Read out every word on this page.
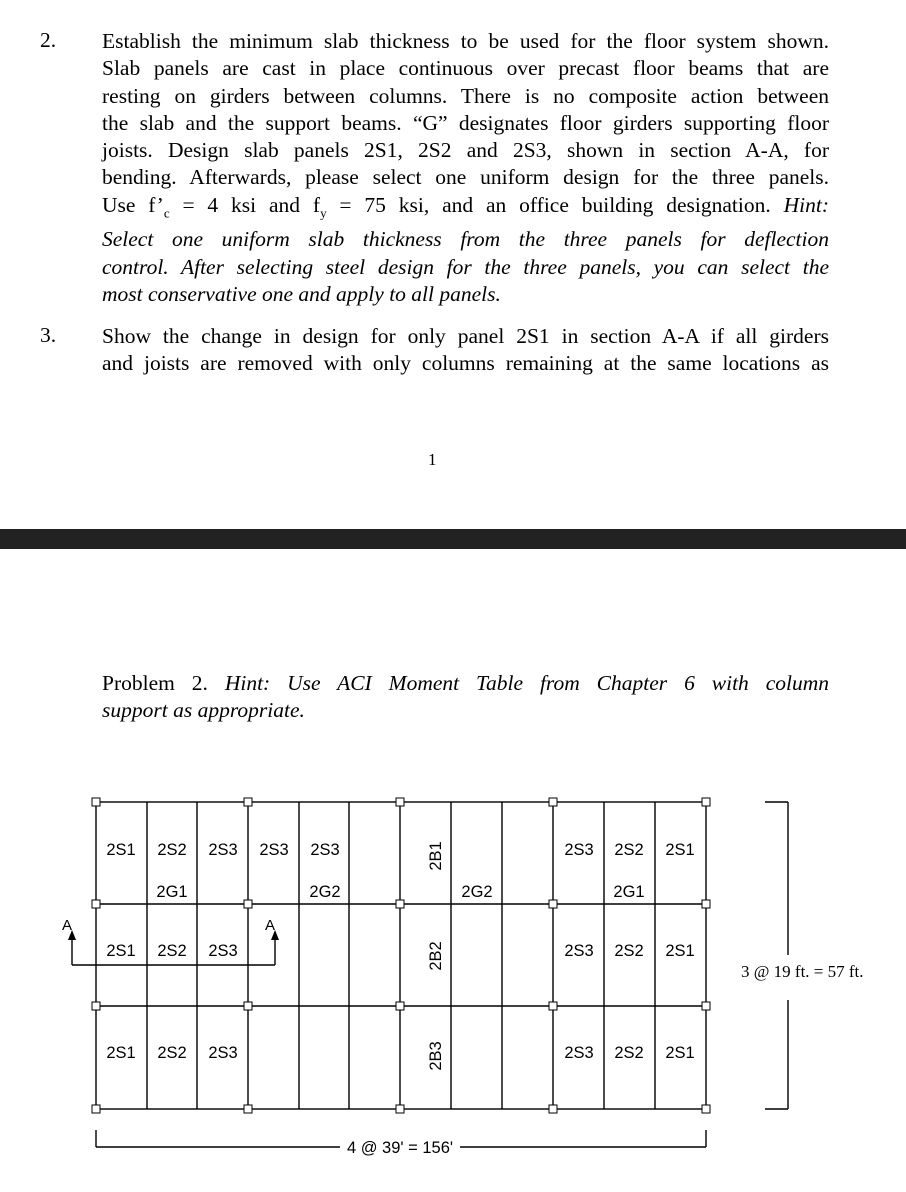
2. Establish the minimum slab thickness to be used for the floor system shown.
Slab panels are cast in place continuous over precast floor beams that are
resting on girders between columns. There is no composite action between
the slab and the support beams. “G” designates floor girders supporting floor
joists. Design slab panels 2S1, 2S2 and 2S3, shown in section A-A, for
bending. Afterwards, please select one uniform design for the three panels.
Use $f’_c = 4$ ksi and $f_y = 75$ ksi, and an office building designation. Hint:
Select one uniform slab thickness from the three panels for deflection
control. After selecting steel design for the three panels, you can select the
most conservative one and apply to all panels.
3. Show the change in design for only panel 2S1 in section A-A if all girders
and joists are removed with only columns remaining at the same locations as
1
Problem 2. Hint: Use ACI Moment Table from Chapter 6 with column
support as appropriate.
2S1 2S2 2S3 2S3 2S3	2S3 2S2 2S1
2G1	2G2	2G2	2G1
2S1 2S2 2S3	2S3 2S2 2S1
2S1 2S2 2S3	2S3 2S2 2S1
2B1
2B2
2B3
A	A
4 @ 39' = 156'
3 @ 19 ft. = 57 ft.
